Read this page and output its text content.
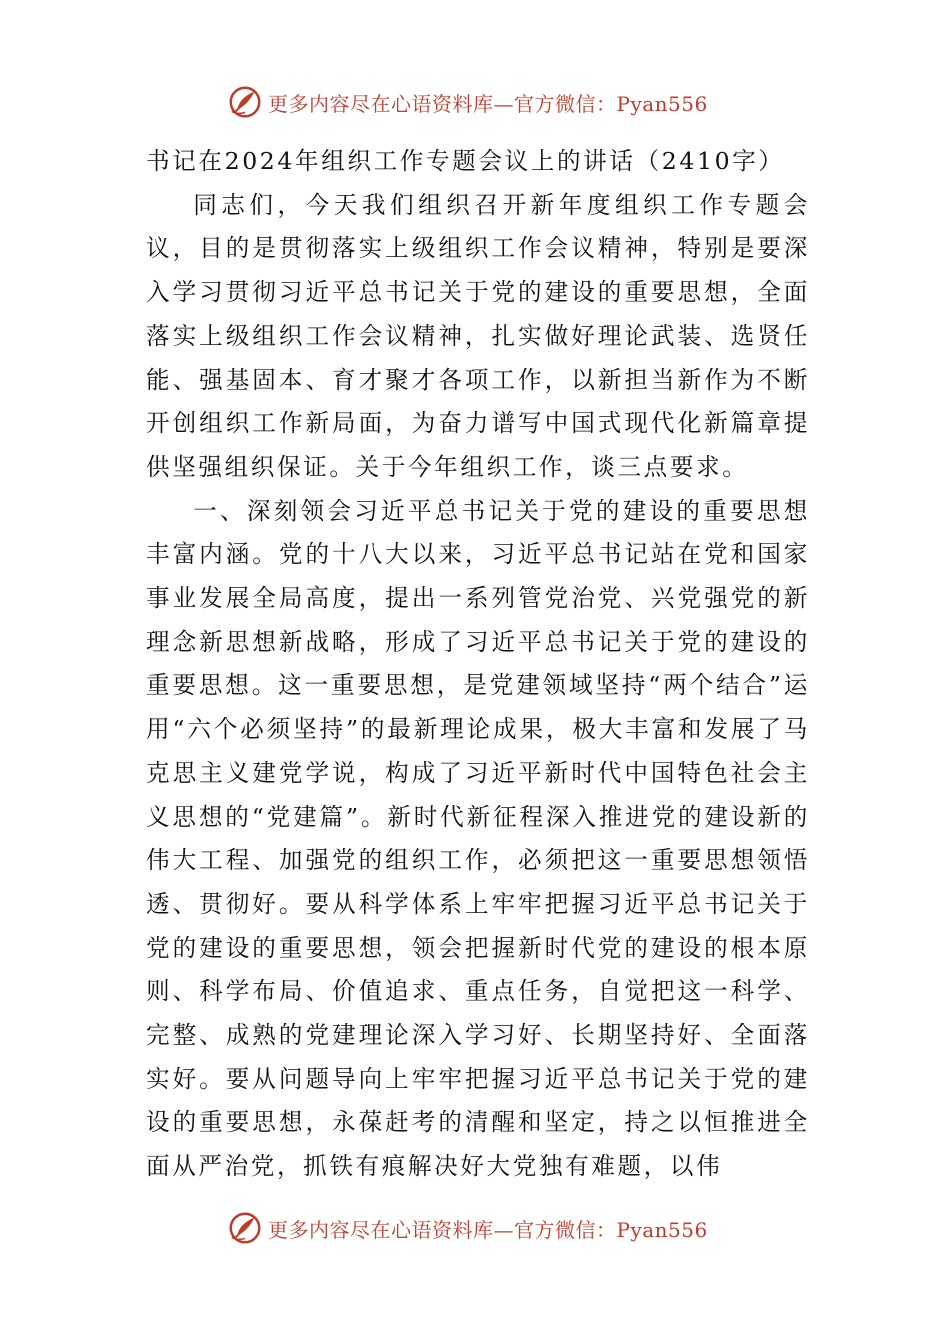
更多内容尽在心语资料库—官方微信：Pyan556

书记在2024年组织工作专题会议上的讲话（2410字）

同志们，今天我们组织召开新年度组织工作专题会议，目的是贯彻落实上级组织工作会议精神，特别是要深入学习贯彻习近平总书记关于党的建设的重要思想，全面落实上级组织工作会议精神，扎实做好理论武装、选贤任能、强基固本、育才聚才各项工作，以新担当新作为不断开创组织工作新局面，为奋力谱写中国式现代化新篇章提供坚强组织保证。关于今年组织工作，谈三点要求。

一、深刻领会习近平总书记关于党的建设的重要思想丰富内涵。党的十八大以来，习近平总书记站在党和国家事业发展全局高度，提出一系列管党治党、兴党强党的新理念新思想新战略，形成了习近平总书记关于党的建设的重要思想。这一重要思想，是党建领域坚持“两个结合”运用“六个必须坚持”的最新理论成果，极大丰富和发展了马克思主义建党学说，构成了习近平新时代中国特色社会主义思想的“党建篇”。新时代新征程深入推进党的建设新的伟大工程、加强党的组织工作，必须把这一重要思想领悟透、贯彻好。要从科学体系上牢牢把握习近平总书记关于党的建设的重要思想，领会把握新时代党的建设的根本原则、科学布局、价值追求、重点任务，自觉把这一科学、完整、成熟的党建理论深入学习好、长期坚持好、全面落实好。要从问题导向上牢牢把握习近平总书记关于党的建设的重要思想，永葆赶考的清醒和坚定，持之以恒推进全面从严治党，抓铁有痕解决好大党独有难题，以伟

更多内容尽在心语资料库—官方微信：Pyan556
